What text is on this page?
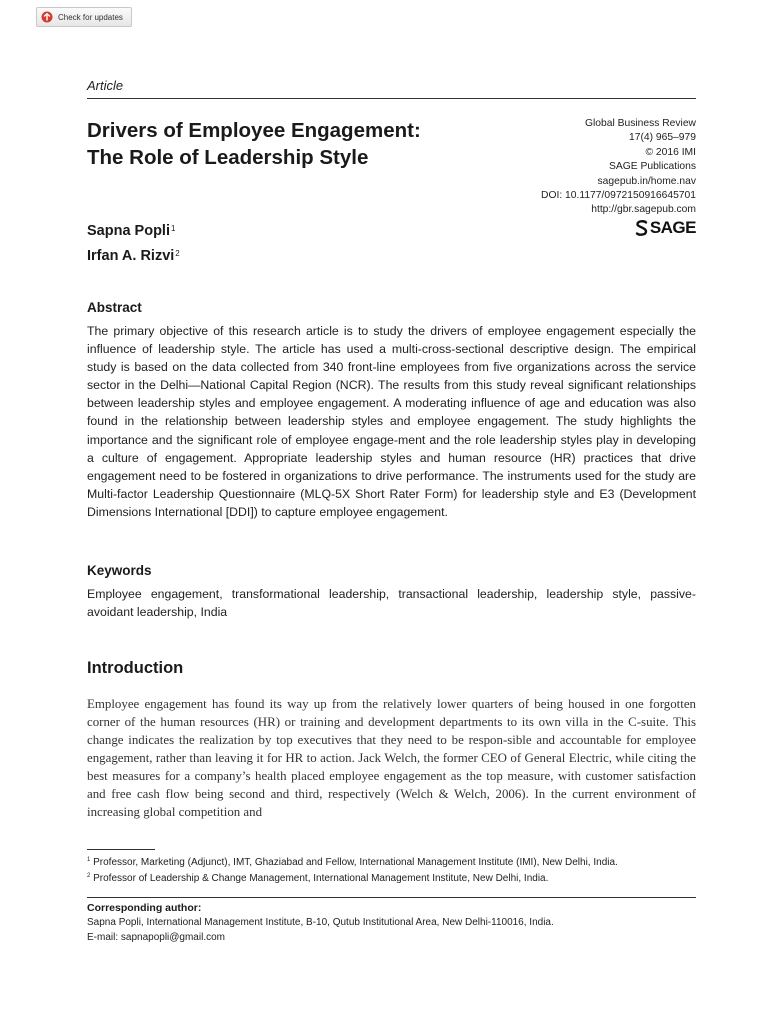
Check for updates
Article
Drivers of Employee Engagement:
The Role of Leadership Style
Global Business Review
17(4) 965–979
© 2016 IMI
SAGE Publications
sagepub.in/home.nav
DOI: 10.1177/0972150916645701
http://gbr.sagepub.com
SAGE
Sapna Popli$^1$
Irfan A. Rizvi$^2$
Abstract
The primary objective of this research article is to study the drivers of employee engagement especially the influence of leadership style. The article has used a multi-cross-sectional descriptive design. The empirical study is based on the data collected from 340 front-line employees from five organizations across the service sector in the Delhi—National Capital Region (NCR). The results from this study reveal significant relationships between leadership styles and employee engagement. A moderating influence of age and education was also found in the relationship between leadership styles and employee engagement. The study highlights the importance and the significant role of employee engage-ment and the role leadership styles play in developing a culture of engagement. Appropriate leadership styles and human resource (HR) practices that drive engagement need to be fostered in organizations to drive performance. The instruments used for the study are Multi-factor Leadership Questionnaire (MLQ-5X Short Rater Form) for leadership style and E3 (Development Dimensions International [DDI]) to capture employee engagement.
Keywords
Employee engagement, transformational leadership, transactional leadership, leadership style, passive-avoidant leadership, India
Introduction
Employee engagement has found its way up from the relatively lower quarters of being housed in one forgotten corner of the human resources (HR) or training and development departments to its own villa in the C-suite. This change indicates the realization by top executives that they need to be respon-sible and accountable for employee engagement, rather than leaving it for HR to action. Jack Welch, the former CEO of General Electric, while citing the best measures for a company’s health placed employee engagement as the top measure, with customer satisfaction and free cash flow being second and third, respectively (Welch & Welch, 2006). In the current environment of increasing global competition and
$^1$ Professor, Marketing (Adjunct), IMT, Ghaziabad and Fellow, International Management Institute (IMI), New Delhi, India.
$^2$ Professor of Leadership & Change Management, International Management Institute, New Delhi, India.
Corresponding author:
Sapna Popli, International Management Institute, B-10, Qutub Institutional Area, New Delhi-110016, India.
E-mail: sapnapopli@gmail.com
